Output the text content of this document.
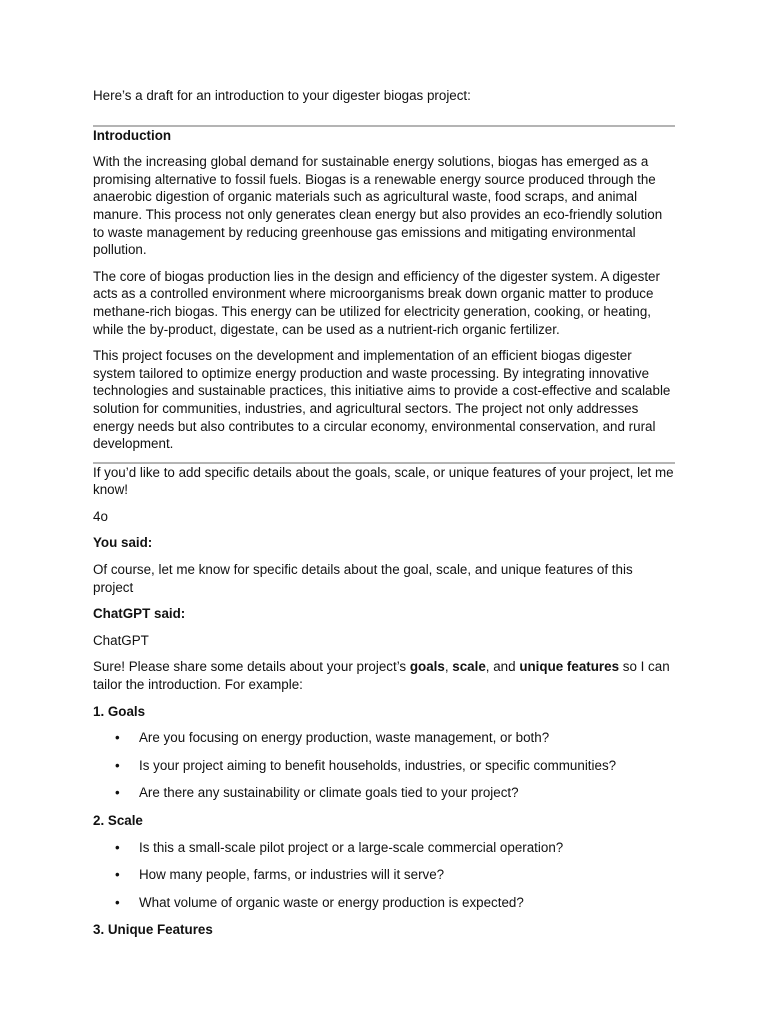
Here’s a draft for an introduction to your digester biogas project:

Introduction

With the increasing global demand for sustainable energy solutions, biogas has emerged as a promising alternative to fossil fuels. Biogas is a renewable energy source produced through the anaerobic digestion of organic materials such as agricultural waste, food scraps, and animal manure. This process not only generates clean energy but also provides an eco-friendly solution to waste management by reducing greenhouse gas emissions and mitigating environmental pollution.

The core of biogas production lies in the design and efficiency of the digester system. A digester acts as a controlled environment where microorganisms break down organic matter to produce methane-rich biogas. This energy can be utilized for electricity generation, cooking, or heating, while the by-product, digestate, can be used as a nutrient-rich organic fertilizer.

This project focuses on the development and implementation of an efficient biogas digester system tailored to optimize energy production and waste processing. By integrating innovative technologies and sustainable practices, this initiative aims to provide a cost-effective and scalable solution for communities, industries, and agricultural sectors. The project not only addresses energy needs but also contributes to a circular economy, environmental conservation, and rural development.

If you’d like to add specific details about the goals, scale, or unique features of your project, let me know!

4o

You said:

Of course, let me know for specific details about the goal, scale, and unique features of this project

ChatGPT said:

ChatGPT

Sure! Please share some details about your project’s goals, scale, and unique features so I can tailor the introduction. For example:

1. Goals

• Are you focusing on energy production, waste management, or both?
• Is your project aiming to benefit households, industries, or specific communities?
• Are there any sustainability or climate goals tied to your project?

2. Scale

• Is this a small-scale pilot project or a large-scale commercial operation?
• How many people, farms, or industries will it serve?
• What volume of organic waste or energy production is expected?

3. Unique Features
